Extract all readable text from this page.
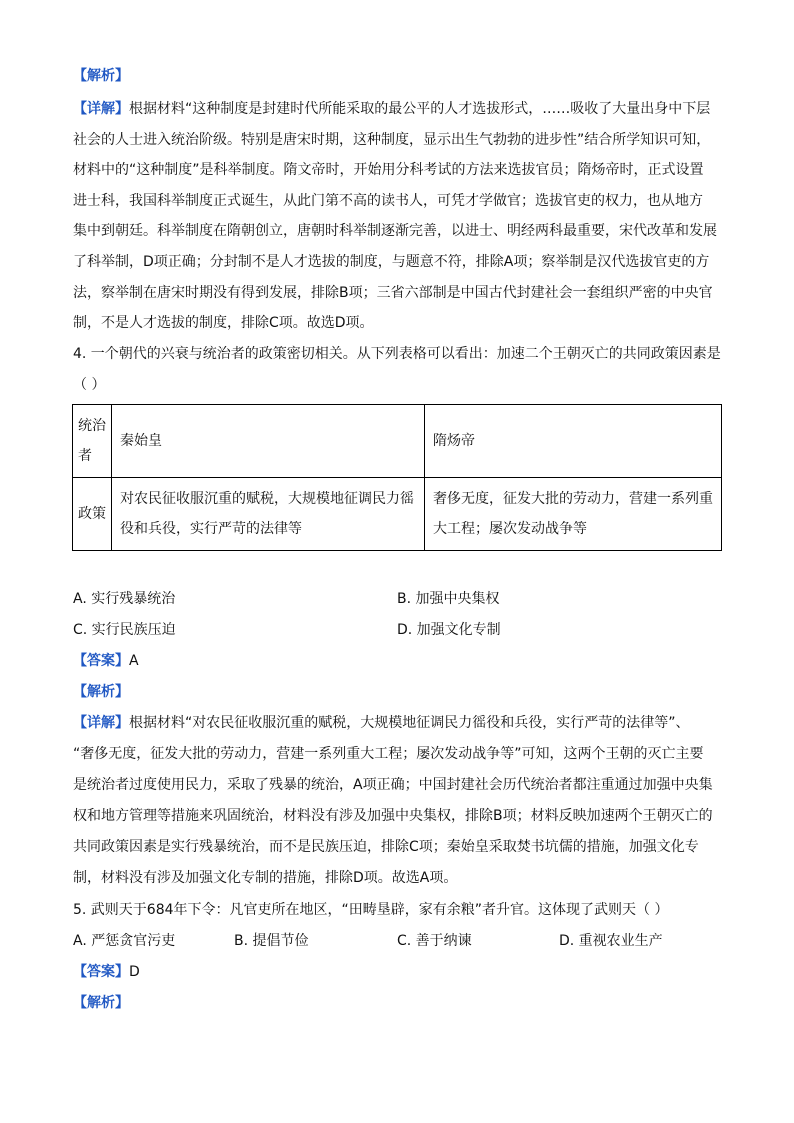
【解析】
【详解】根据材料“这种制度是封建时代所能采取的最公平的人才选拔形式，……吸收了大量出身中下层
社会的人士进入统治阶级。特别是唐宋时期，这种制度，显示出生气勃勃的进步性”结合所学知识可知，
材料中的“这种制度”是科举制度。隋文帝时，开始用分科考试的方法来选拔官员；隋炀帝时，正式设置
进士科，我国科举制度正式诞生，从此门第不高的读书人，可凭才学做官；选拔官吏的权力，也从地方
集中到朝廷。科举制度在隋朝创立，唐朝时科举制逐渐完善，以进士、明经两科最重要，宋代改革和发展
了科举制，D项正确；分封制不是人才选拔的制度，与题意不符，排除A项；察举制是汉代选拔官吏的方
法，察举制在唐宋时期没有得到发展，排除B项；三省六部制是中国古代封建社会一套组织严密的中央官
制，不是人才选拔的制度，排除C项。故选D项。
4. 一个朝代的兴衰与统治者的政策密切相关。从下列表格可以看出：加速二个王朝灭亡的共同政策因素是
（ ）
统治者	秦始皇	隋炀帝
政策	对农民征收服沉重的赋税，大规模地征调民力徭役和兵役，实行严苛的法律等	奢侈无度，征发大批的劳动力，营建一系列重大工程；屡次发动战争等
A. 实行残暴统治	B. 加强中央集权
C. 实行民族压迫	D. 加强文化专制
【答案】A
【解析】
【详解】根据材料“对农民征收服沉重的赋税，大规模地征调民力徭役和兵役，实行严苛的法律等”、
“奢侈无度，征发大批的劳动力，营建一系列重大工程；屡次发动战争等”可知，这两个王朝的灭亡主要
是统治者过度使用民力，采取了残暴的统治，A项正确；中国封建社会历代统治者都注重通过加强中央集
权和地方管理等措施来巩固统治，材料没有涉及加强中央集权，排除B项；材料反映加速两个王朝灭亡的
共同政策因素是实行残暴统治，而不是民族压迫，排除C项；秦始皇采取焚书坑儒的措施，加强文化专
制，材料没有涉及加强文化专制的措施，排除D项。故选A项。
5. 武则天于684年下令：凡官吏所在地区，“田畴垦辟，家有余粮”者升官。这体现了武则天（ ）
A. 严惩贪官污吏	B. 提倡节俭	C. 善于纳谏	D. 重视农业生产
【答案】D
【解析】
